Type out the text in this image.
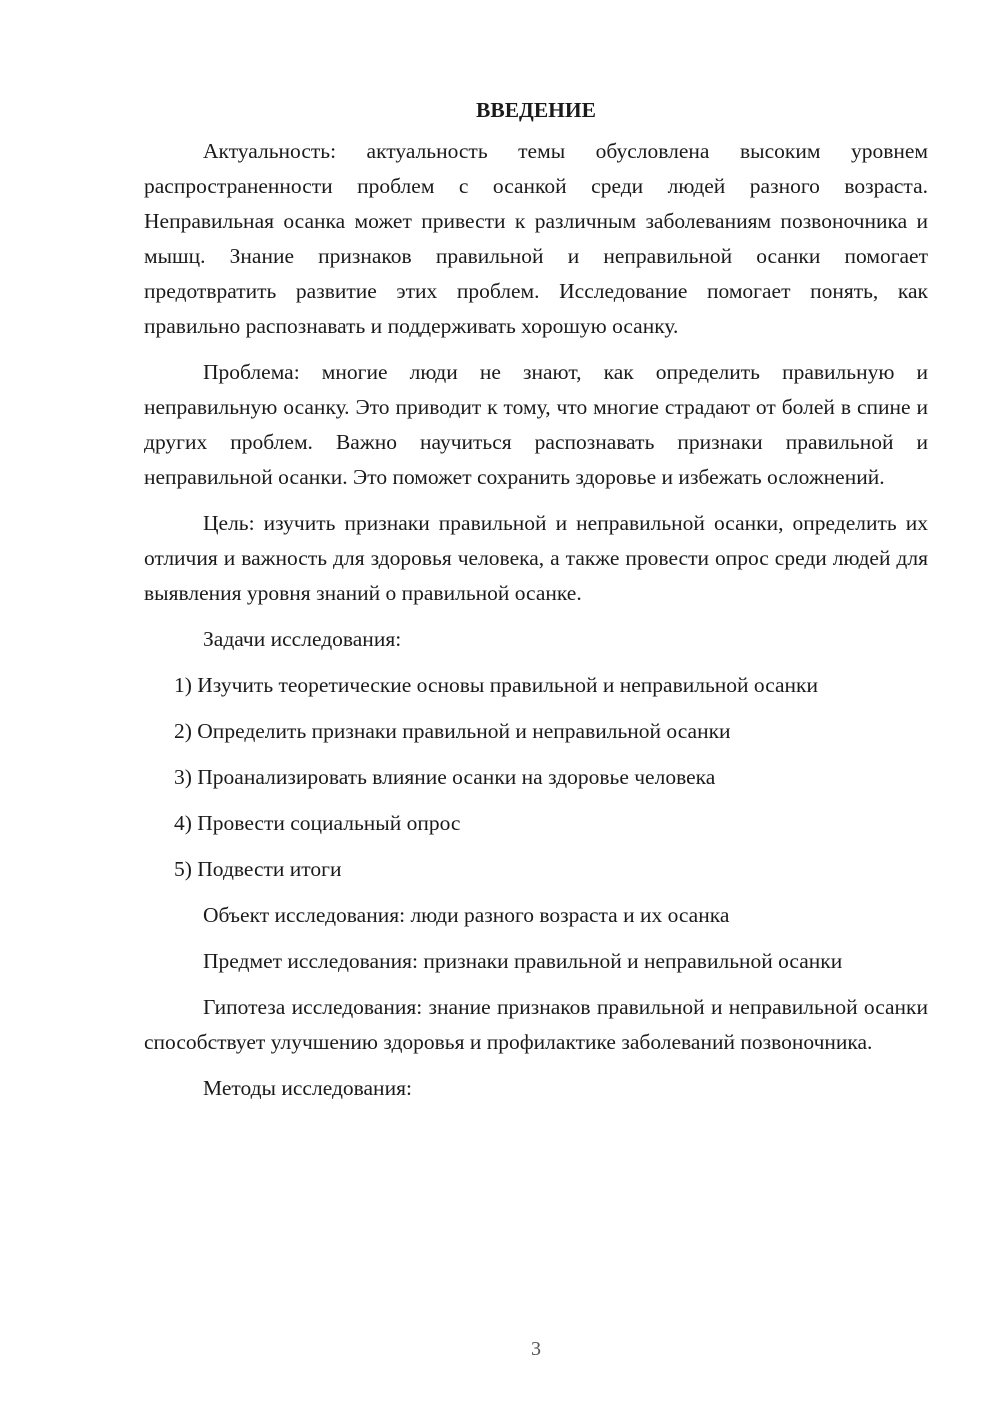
ВВЕДЕНИЕ

Актуальность: актуальность темы обусловлена высоким уровнем распространенности проблем с осанкой среди людей разного возраста. Неправильная осанка может привести к различным заболеваниям позвоночника и мышц. Знание признаков правильной и неправильной осанки помогает предотвратить развитие этих проблем. Исследование помогает понять, как правильно распознавать и поддерживать хорошую осанку.

Проблема: многие люди не знают, как определить правильную и неправильную осанку. Это приводит к тому, что многие страдают от болей в спине и других проблем. Важно научиться распознавать признаки правильной и неправильной осанки. Это поможет сохранить здоровье и избежать осложнений.

Цель: изучить признаки правильной и неправильной осанки, определить их отличия и важность для здоровья человека, а также провести опрос среди людей для выявления уровня знаний о правильной осанке.

Задачи исследования:

1) Изучить теоретические основы правильной и неправильной осанки

2) Определить признаки правильной и неправильной осанки

3) Проанализировать влияние осанки на здоровье человека

4) Провести социальный опрос

5) Подвести итоги

Объект исследования: люди разного возраста и их осанка

Предмет исследования: признаки правильной и неправильной осанки

Гипотеза исследования: знание признаков правильной и неправильной осанки способствует улучшению здоровья и профилактике заболеваний позвоночника.

Методы исследования:

3
